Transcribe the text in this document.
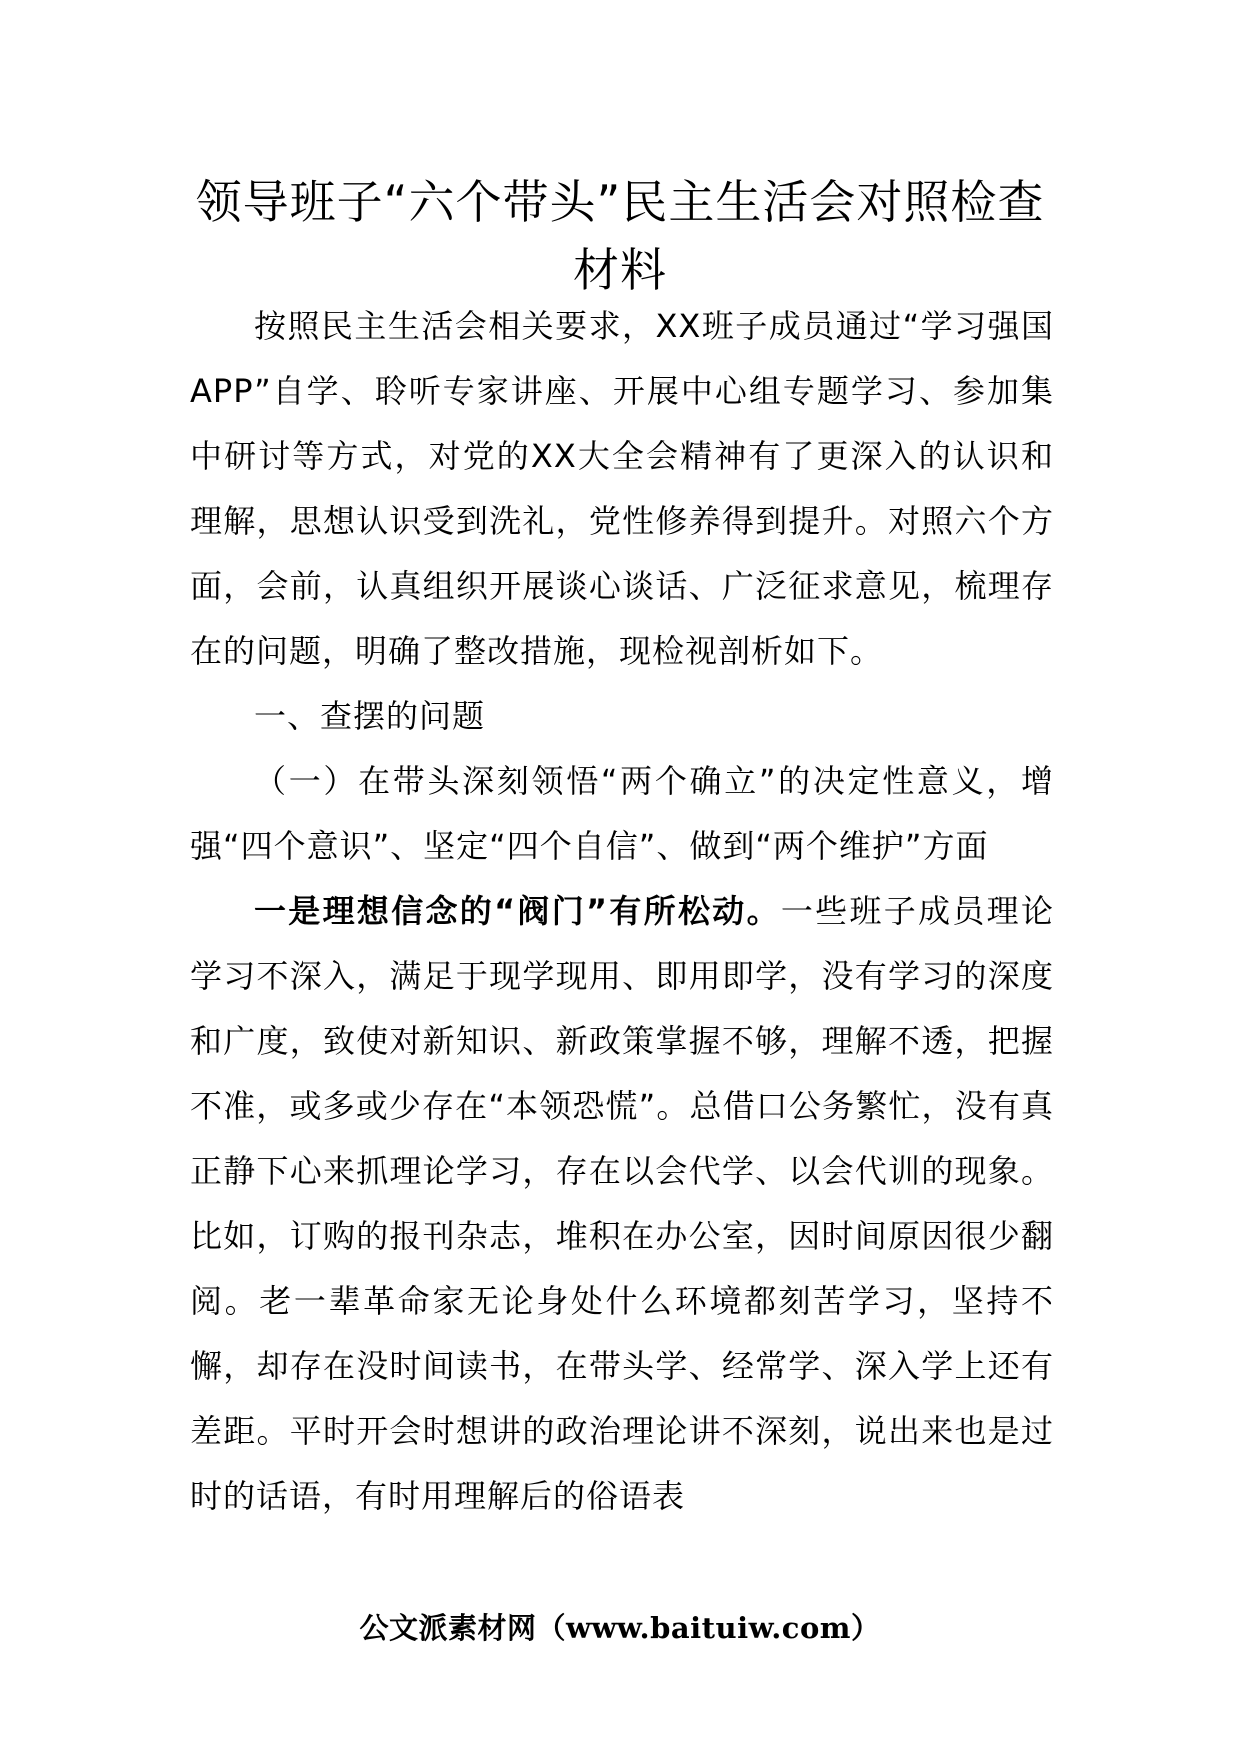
领导班子“六个带头”民主生活会对照检查材料

按照民主生活会相关要求，XX班子成员通过“学习强国APP”自学、聆听专家讲座、开展中心组专题学习、参加集中研讨等方式，对党的XX大全会精神有了更深入的认识和理解，思想认识受到洗礼，党性修养得到提升。对照六个方面，会前，认真组织开展谈心谈话、广泛征求意见，梳理存在的问题，明确了整改措施，现检视剖析如下。

一、查摆的问题

（一）在带头深刻领悟“两个确立”的决定性意义，增强“四个意识”、坚定“四个自信”、做到“两个维护”方面

一是理想信念的“阀门”有所松动。一些班子成员理论学习不深入，满足于现学现用、即用即学，没有学习的深度和广度，致使对新知识、新政策掌握不够，理解不透，把握不准，或多或少存在“本领恐慌”。总借口公务繁忙，没有真正静下心来抓理论学习，存在以会代学、以会代训的现象。比如，订购的报刊杂志，堆积在办公室，因时间原因很少翻阅。老一辈革命家无论身处什么环境都刻苦学习，坚持不懈，却存在没时间读书，在带头学、经常学、深入学上还有差距。平时开会时想讲的政治理论讲不深刻，说出来也是过时的话语，有时用理解后的俗语表

公文派素材网（www.baituiw.com）
